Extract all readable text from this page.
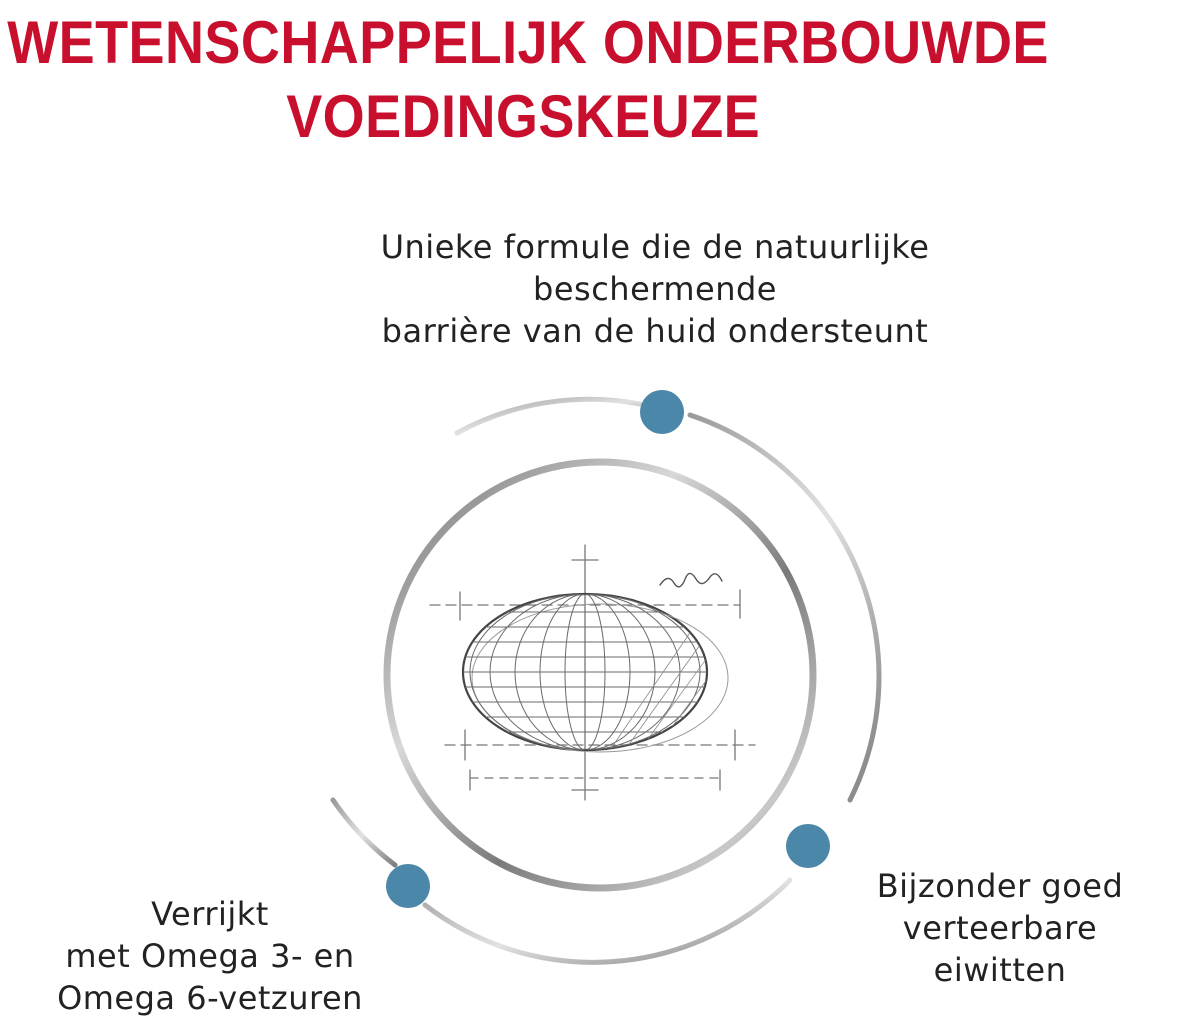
WETENSCHAPPELIJK ONDERBOUWDE
VOEDINGSKEUZE
Unieke formule die de natuurlijke
beschermende
barrière van de huid ondersteunt
Verrijkt
met Omega 3- en
Omega 6-vetzuren
Bijzonder goed
verteerbare
eiwitten
